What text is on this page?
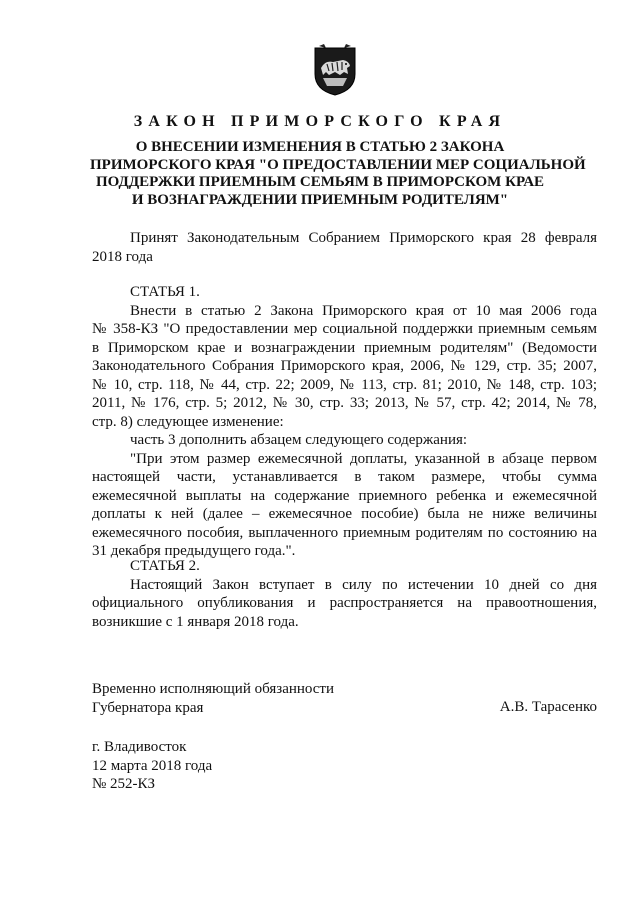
ЗАКОН ПРИМОРСКОГО КРАЯ
О ВНЕСЕНИИ ИЗМЕНЕНИЯ В СТАТЬЮ 2 ЗАКОНА
ПРИМОРСКОГО КРАЯ "О ПРЕДОСТАВЛЕНИИ МЕР СОЦИАЛЬНОЙ
ПОДДЕРЖКИ ПРИЕМНЫМ СЕМЬЯМ В ПРИМОРСКОМ КРАЕ
И ВОЗНАГРАЖДЕНИИ ПРИЕМНЫМ РОДИТЕЛЯМ"
Принят Законодательным Собранием Приморского края 28 февраля
2018 года
СТАТЬЯ 1.
Внести в статью 2 Закона Приморского края от 10 мая 2006 года
№ 358-КЗ "О предоставлении мер социальной поддержки приемным семьям
в Приморском крае и вознаграждении приемным родителям" (Ведомости
Законодательного Собрания Приморского края, 2006, № 129, стр. 35; 2007,
№ 10, стр. 118, № 44, стр. 22; 2009, № 113, стр. 81; 2010, № 148, стр. 103;
2011, № 176, стр. 5; 2012, № 30, стр. 33; 2013, № 57, стр. 42; 2014, № 78,
стр. 8) следующее изменение:
часть 3 дополнить абзацем следующего содержания:
"При этом размер ежемесячной доплаты, указанной в абзаце первом
настоящей части, устанавливается в таком размере, чтобы сумма
ежемесячной выплаты на содержание приемного ребенка и ежемесячной
доплаты к ней (далее – ежемесячное пособие) была не ниже величины
ежемесячного пособия, выплаченного приемным родителям по состоянию на
31 декабря предыдущего года.".
СТАТЬЯ 2.
Настоящий Закон вступает в силу по истечении 10 дней со дня
официального опубликования и распространяется на правоотношения,
возникшие с 1 января 2018 года.
Временно исполняющий обязанности
Губернатора края	А.В. Тарасенко
г. Владивосток
12 марта 2018 года
№ 252-КЗ
